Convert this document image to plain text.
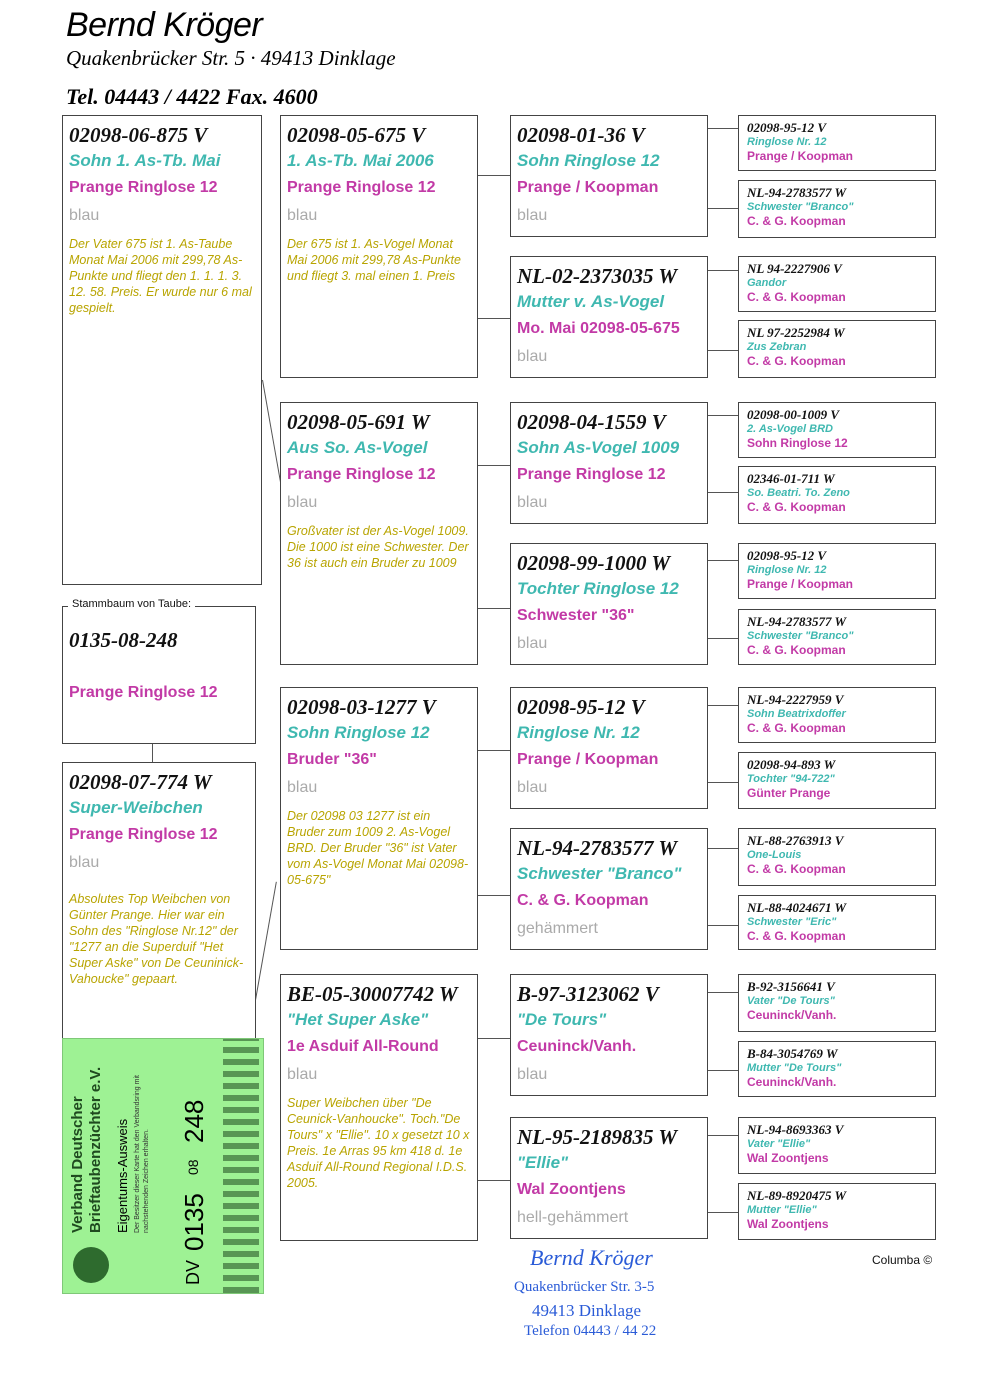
Bernd Kröger
Quakenbrücker Str. 5 · 49413 Dinklage
Tel. 04443 / 4422 Fax. 4600
02098-06-875 V
Sohn 1. As-Tb. Mai
Prange Ringlose 12
blau
Der Vater 675 ist 1. As-Taube Monat Mai 2006 mit 299,78 As-Punkte und fliegt den 1. 1. 1. 3. 12. 58. Preis. Er wurde nur 6 mal gespielt.
0135-08-248
Prange Ringlose 12
Stammbaum von Taube:
02098-07-774 W
Super-Weibchen
Prange Ringlose 12
blau
Absolutes Top Weibchen von Günter Prange. Hier war ein Sohn des "Ringlose Nr.12" der "1277 an die Superduif "Het Super Aske" von De Ceuninick-Vahoucke" gepaart.
02098-05-675 V
1. As-Tb. Mai 2006
Prange Ringlose 12
blau
Der 675 ist 1. As-Vogel Monat Mai 2006 mit 299,78 As-Punkte und fliegt 3. mal einen 1. Preis
02098-05-691 W
Aus So. As-Vogel
Prange Ringlose 12
blau
Großvater ist der As-Vogel 1009. Die 1000 ist eine Schwester. Der 36 ist auch ein Bruder zu 1009
02098-03-1277 V
Sohn Ringlose 12
Bruder "36"
blau
Der 02098 03 1277 ist ein Bruder zum 1009 2. As-Vogel BRD. Der Bruder "36" ist Vater vom As-Vogel Monat Mai 02098-05-675"
BE-05-30007742 W
"Het Super Aske"
1e Asduif All-Round
blau
Super Weibchen über "De Ceunick-Vanhoucke". Toch."De Tours" x "Ellie". 10 x gesetzt 10 x Preis. 1e Arras 95 km 418 d. 1e Asduif All-Round Regional I.D.S. 2005.
02098-01-36 V
Sohn Ringlose 12
Prange / Koopman
blau
NL-02-2373035 W
Mutter v. As-Vogel
Mo. Mai 02098-05-675
blau
02098-04-1559 V
Sohn As-Vogel 1009
Prange Ringlose 12
blau
02098-99-1000 W
Tochter Ringlose 12
Schwester "36"
blau
02098-95-12 V
Ringlose Nr. 12
Prange / Koopman
blau
NL-94-2783577 W
Schwester "Branco"
C. & G. Koopman
gehämmert
B-97-3123062 V
"De Tours"
Ceuninck/Vanh.
blau
NL-95-2189835 W
"Ellie"
Wal Zoontjens
hell-gehämmert
02098-95-12 V
Ringlose Nr. 12
Prange / Koopman
NL-94-2783577 W
Schwester "Branco"
C. & G. Koopman
NL 94-2227906 V
Gandor
C. & G. Koopman
NL 97-2252984 W
Zus Zebran
C. & G. Koopman
02098-00-1009 V
2. As-Vogel BRD
Sohn Ringlose 12
02346-01-711 W
So. Beatri. To. Zeno
C. & G. Koopman
02098-95-12 V
Ringlose Nr. 12
Prange / Koopman
NL-94-2783577 W
Schwester "Branco"
C. & G. Koopman
NL-94-2227959 V
Sohn Beatrixdoffer
C. & G. Koopman
02098-94-893 W
Tochter "94-722"
Günter Prange
NL-88-2763913 V
One-Louis
C. & G. Koopman
NL-88-4024671 W
Schwester "Eric"
C. & G. Koopman
B-92-3156641 V
Vater "De Tours"
Ceuninck/Vanh.
B-84-3054769 W
Mutter "De Tours"
Ceuninck/Vanh.
NL-94-8693363 V
Vater "Ellie"
Wal Zoontjens
NL-89-8920475 W
Mutter "Ellie"
Wal Zoontjens
Verband Deutscher Brieftaubenzüchter e.V. Eigentums-Ausweis Der Besitzer dieser Karte hat den Verbandsring mit nachstehenden Zeichen erhalten.
DV
0135
08
248
Bernd Kröger
Quakenbrücker Str. 3-5
49413 Dinklage
Telefon 04443 / 44 22
Columba ©
